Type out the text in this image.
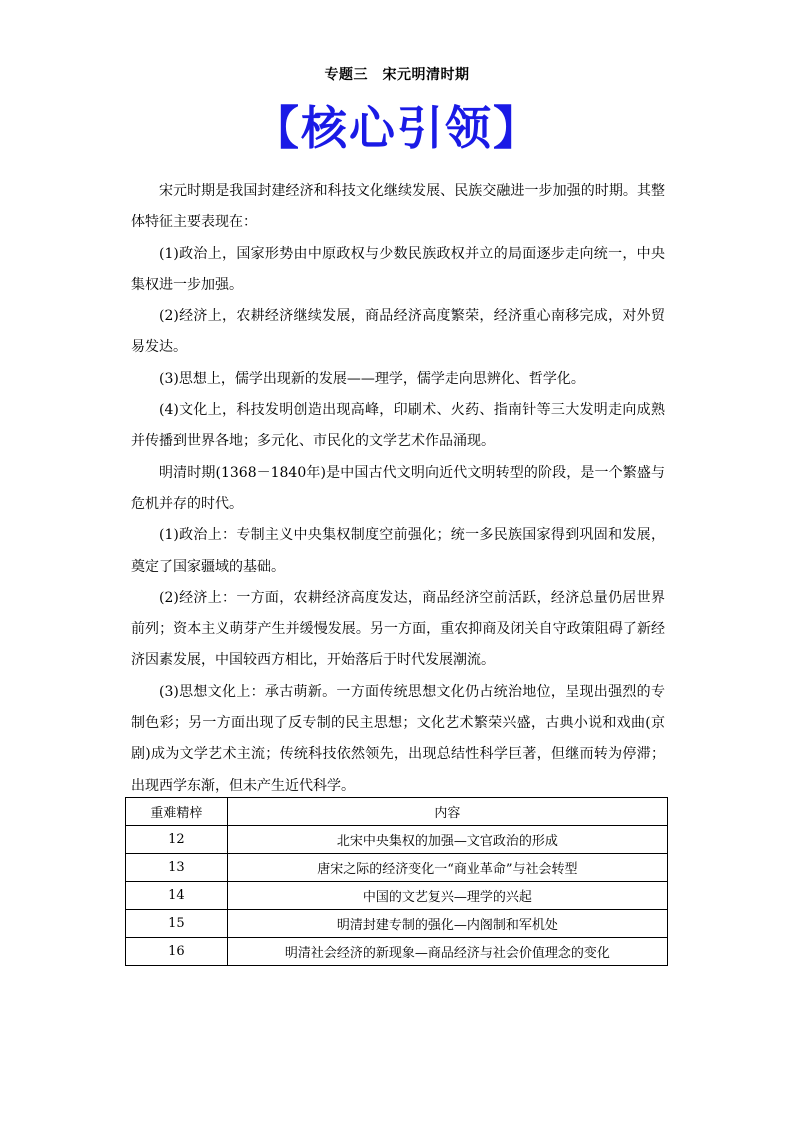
专题三　宋元明清时期
【核心引领】

宋元时期是我国封建经济和科技文化继续发展、民族交融进一步加强的时期。其整体特征主要表现在：

(1)政治上，国家形势由中原政权与少数民族政权并立的局面逐步走向统一，中央集权进一步加强。

(2)经济上，农耕经济继续发展，商品经济高度繁荣，经济重心南移完成，对外贸易发达。

(3)思想上，儒学出现新的发展——理学，儒学走向思辨化、哲学化。

(4)文化上，科技发明创造出现高峰，印刷术、火药、指南针等三大发明走向成熟并传播到世界各地；多元化、市民化的文学艺术作品涌现。

明清时期(1368－1840年)是中国古代文明向近代文明转型的阶段，是一个繁盛与危机并存的时代。

(1)政治上：专制主义中央集权制度空前强化；统一多民族国家得到巩固和发展，奠定了国家疆域的基础。

(2)经济上：一方面，农耕经济高度发达，商品经济空前活跃，经济总量仍居世界前列；资本主义萌芽产生并缓慢发展。另一方面，重农抑商及闭关自守政策阻碍了新经济因素发展，中国较西方相比，开始落后于时代发展潮流。

(3)思想文化上：承古萌新。一方面传统思想文化仍占统治地位，呈现出强烈的专制色彩；另一方面出现了反专制的民主思想；文化艺术繁荣兴盛，古典小说和戏曲(京剧)成为文学艺术主流；传统科技依然领先，出现总结性科学巨著，但继而转为停滞；出现西学东渐，但未产生近代科学。

重难精梓	内容
12	北宋中央集权的加强—文官政治的形成
13	唐宋之际的经济变化一“商业革命”与社会转型
14	中国的文艺复兴—理学的兴起
15	明清封建专制的强化—内阁制和军机处
16	明清社会经济的新现象—商品经济与社会价值理念的变化
